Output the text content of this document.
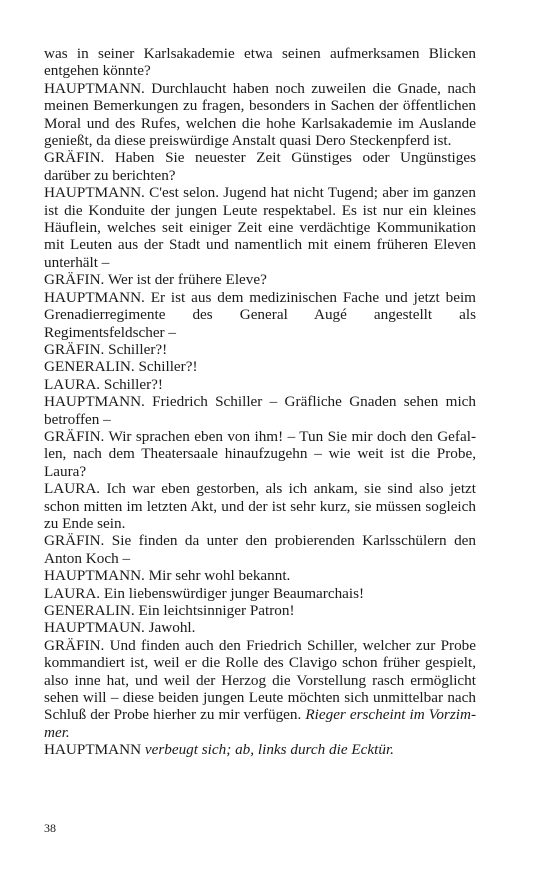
was in seiner Karlsakademie etwa seinen aufmerksamen Blicken entgehen könnte?

HAUPTMANN. Durchlaucht haben noch zuweilen die Gnade, nach meinen Bemerkungen zu fragen, besonders in Sachen der öffentlichen Moral und des Rufes, welchen die hohe Karlsakademie im Auslande genießt, da diese preiswürdige Anstalt quasi Dero Steckenpferd ist.

GRÄFIN. Haben Sie neuester Zeit Günstiges oder Ungünstiges darüber zu berichten?

HAUPTMANN. C'est selon. Jugend hat nicht Tugend; aber im ganzen ist die Konduite der jungen Leute respektabel. Es ist nur ein kleines Häuflein, welches seit einiger Zeit eine verdächtige Kommunikation mit Leuten aus der Stadt und namentlich mit einem früheren Eleven unterhält –

GRÄFIN. Wer ist der frühere Eleve?

HAUPTMANN. Er ist aus dem medizinischen Fache und jetzt beim Grenadierregimente des General Augé angestellt als Regimentsfeldscher –

GRÄFIN. Schiller?!

GENERALIN. Schiller?!

LAURA. Schiller?!

HAUPTMANN. Friedrich Schiller – Gräfliche Gnaden sehen mich betroffen –

GRÄFIN. Wir sprachen eben von ihm! – Tun Sie mir doch den Gefallen, nach dem Theatersaale hinaufzugehn – wie weit ist die Probe, Laura?

LAURA. Ich war eben gestorben, als ich ankam, sie sind also jetzt schon mitten im letzten Akt, und der ist sehr kurz, sie müssen sogleich zu Ende sein.

GRÄFIN. Sie finden da unter den probierenden Karlsschülern den Anton Koch –

HAUPTMANN. Mir sehr wohl bekannt.

LAURA. Ein liebenswürdiger junger Beaumarchais!

GENERALIN. Ein leichtsinniger Patron!

HAUPTMAUN. Jawohl.

GRÄFIN. Und finden auch den Friedrich Schiller, welcher zur Probe kommandiert ist, weil er die Rolle des Clavigo schon früher gespielt, also inne hat, und weil der Herzog die Vorstellung rasch ermöglicht sehen will – diese beiden jungen Leute möchten sich unmittelbar nach Schluß der Probe hierher zu mir verfügen. Rieger erscheint im Vorzimmer.

HAUPTMANN verbeugt sich; ab, links durch die Ecktür.

38
